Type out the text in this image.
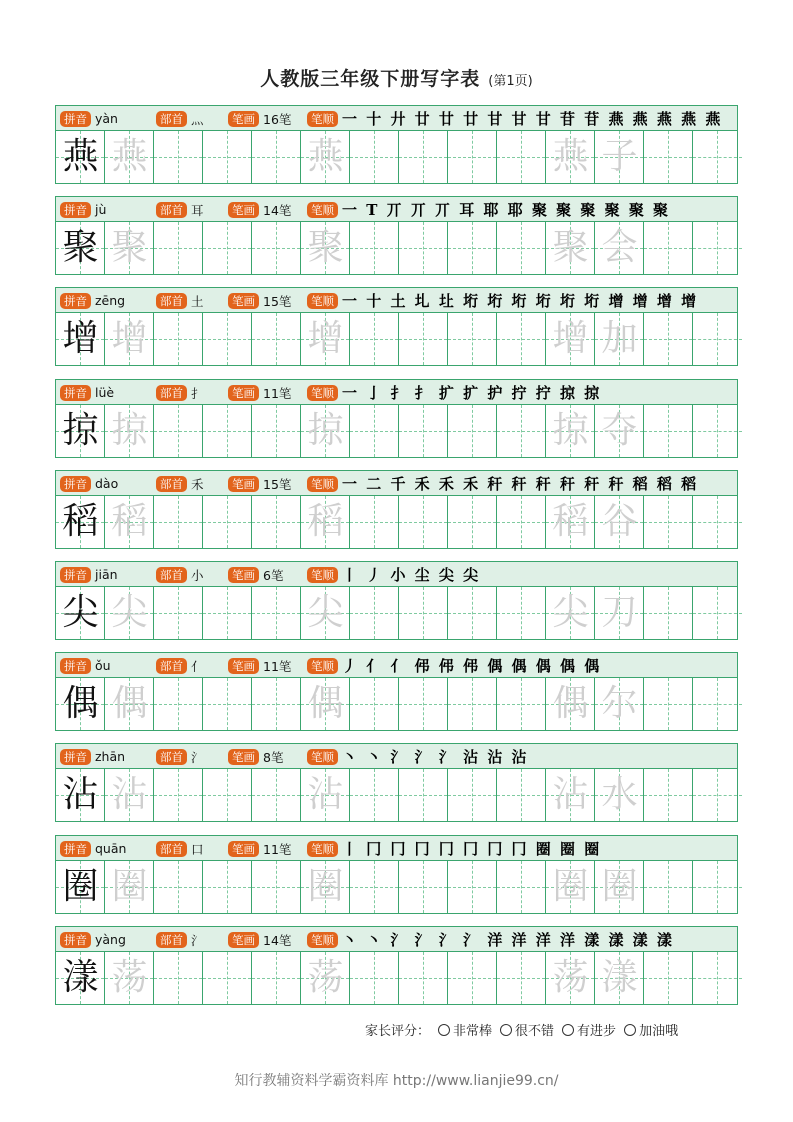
人教版三年级下册写字表 (第1页)
拼音 yàn	部首 灬	笔画 16笔	笔顺 一 十 廾 廿 廿 廿 甘 甘 甘 苷 苷 燕 燕 燕 燕 燕
燕 燕	燕	燕 子
拼音 jù	部首 耳	笔画 14笔	笔顺 一 T 丌 丌 丌 耳 耶 耶 聚 聚 聚 聚 聚 聚
聚 聚	聚	聚 会
拼音 zēng	部首 土	笔画 15笔	笔顺 一 十 土 圠 圵 垳 垳 垳 垳 垳 垳 增 增 增 增
增 增	增	增 加
拼音 lüè	部首 扌	笔画 11笔	笔顺 一 亅 扌 扌 扩 扩 护 拧 拧 掠 掠
掠 掠	掠	掠 夺
拼音 dào	部首 禾	笔画 15笔	笔顺 一 二 千 禾 禾 禾 秆 秆 秆 秆 秆 秆 稻 稻 稻
稻 稻	稻	稻 谷
拼音 jiān	部首 小	笔画 6笔	笔顺 丨 丿 小 尘 尖 尖
尖 尖	尖	尖 刀
拼音 ǒu	部首 亻	笔画 11笔	笔顺 丿 亻 亻 伄 伄 伄 偶 偶 偶 偶 偶
偶 偶	偶	偶 尔
拼音 zhān	部首 氵	笔画 8笔	笔顺 丶 丶 氵 氵 氵 沾 沾 沾
沾 沾	沾	沾 水
拼音 quān	部首 口	笔画 11笔	笔顺 丨 冂 冂 冂 冂 冂 冂 冂 圈 圈 圈
圈 圈	圈	圈 圈
拼音 yàng	部首 氵	笔画 14笔	笔顺 丶 丶 氵 氵 氵 氵 洋 洋 洋 洋 漾 漾 漾 漾
漾 荡	荡	荡 漾
家长评分： 非常棒 很不错 有进步 加油哦
知行教辅资料学霸资料库 http://www.lianjie99.cn/
